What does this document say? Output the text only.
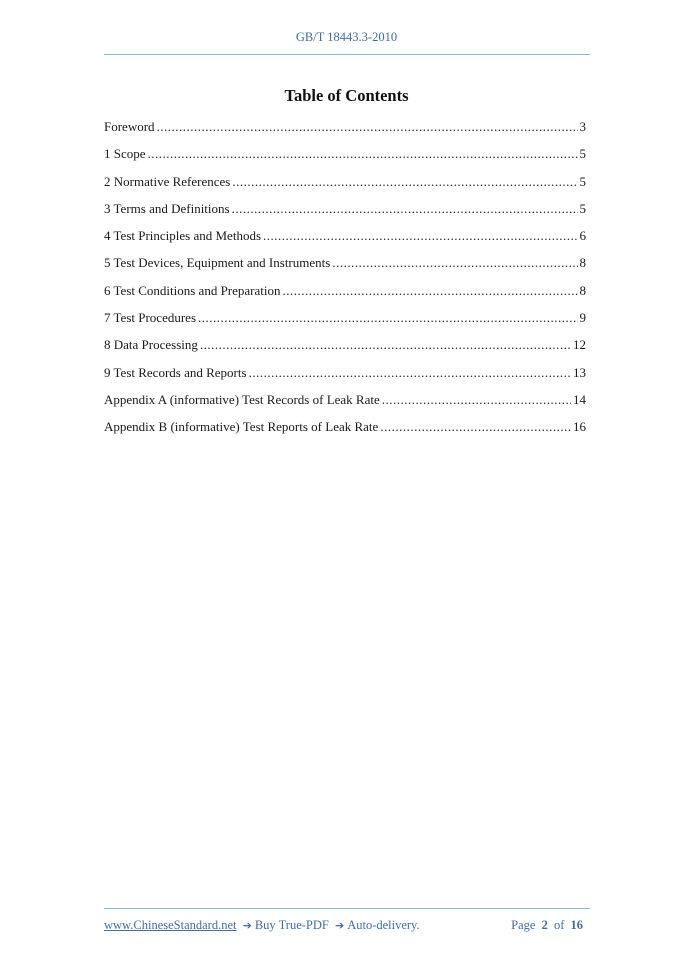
GB/T 18443.3-2010
Table of Contents
Foreword .....	3
1 Scope .....	5
2 Normative References .....	5
3 Terms and Definitions .....	5
4 Test Principles and Methods .....	6
5 Test Devices, Equipment and Instruments .....	8
6 Test Conditions and Preparation .....	8
7 Test Procedures .....	9
8 Data Processing .....	12
9 Test Records and Reports .....	13
Appendix A (informative) Test Records of Leak Rate .....	14
Appendix B (informative) Test Reports of Leak Rate .....	16
www.ChineseStandard.net ➔ Buy True-PDF ➔ Auto-delivery.	Page 2 of 16
